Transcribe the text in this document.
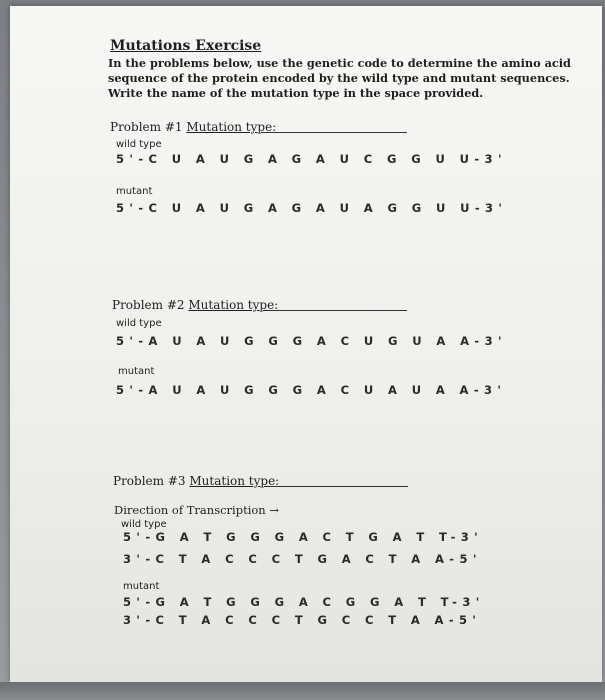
Mutations Exercise
In the problems below, use the genetic code to determine the amino acid
sequence of the protein encoded by the wild type and mutant sequences.
Write the name of the mutation type in the space provided.
Problem #1 Mutation type:
wild type
5'-C U A U G A G A U C G G U U-3'
mutant
5'-C U A U G A G A U A G G U U-3'
Problem #2 Mutation type:
wild type
5'-A U A U G G G A C U G U A A-3'
mutant
5'-A U A U G G G A C U A U A A-3'
Problem #3 Mutation type:
Direction of Transcription →
wild type
5'-G A T G G G A C T G A T T-3'
3'-C T A C C C T G A C T A A-5'
mutant
5'-G A T G G G A C G G A T T-3'
3'-C T A C C C T G C C T A A-5'
